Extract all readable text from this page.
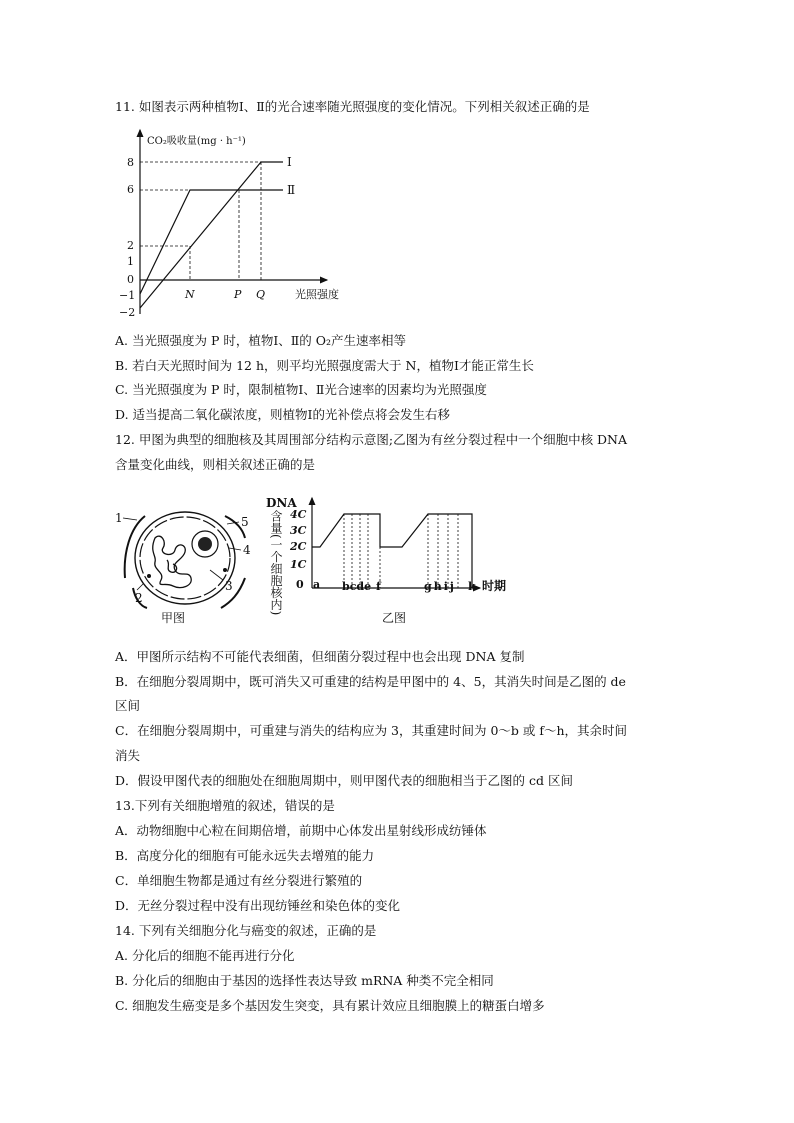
11. 如图表示两种植物Ⅰ、Ⅱ的光合速率随光照强度的变化情况。下列相关叙述正确的是
CO₂吸收量(mg · h⁻¹)
8
6
2
1
0
−1
−2
Ⅰ
Ⅱ
N	P Q	光照强度
A. 当光照强度为 P 时，植物Ⅰ、Ⅱ的 O₂产生速率相等
B. 若白天光照时间为 12 h，则平均光照强度需大于 N，植物Ⅰ才能正常生长
C. 当光照强度为 P 时，限制植物Ⅰ、Ⅱ光合速率的因素均为光照强度
D. 适当提高二氧化碳浓度，则植物Ⅰ的光补偿点将会发生右移
12. 甲图为典型的细胞核及其周围部分结构示意图;乙图为有丝分裂过程中一个细胞中核 DNA
含量变化曲线，则相关叙述正确的是
1
2
3
4
5
甲图
DNA
含量(一个细胞核内) 4C
3C
2C
1C
0 a bcde f	ghij k 时期
乙图
A．甲图所示结构不可能代表细菌，但细菌分裂过程中也会出现 DNA 复制
B．在细胞分裂周期中，既可消失又可重建的结构是甲图中的 4、5，其消失时间是乙图的 de
区间
C．在细胞分裂周期中，可重建与消失的结构应为 3，其重建时间为 0～b 或 f～h，其余时间
消失
D．假设甲图代表的细胞处在细胞周期中，则甲图代表的细胞相当于乙图的 cd 区间
13.下列有关细胞增殖的叙述，错误的是
A．动物细胞中心粒在间期倍增，前期中心体发出星射线形成纺锤体
B．高度分化的细胞有可能永远失去增殖的能力
C．单细胞生物都是通过有丝分裂进行繁殖的
D．无丝分裂过程中没有出现纺锤丝和染色体的变化
14. 下列有关细胞分化与癌变的叙述，正确的是
A. 分化后的细胞不能再进行分化
B. 分化后的细胞由于基因的选择性表达导致 mRNA 种类不完全相同
C. 细胞发生癌变是多个基因发生突变，具有累计效应且细胞膜上的糖蛋白增多
